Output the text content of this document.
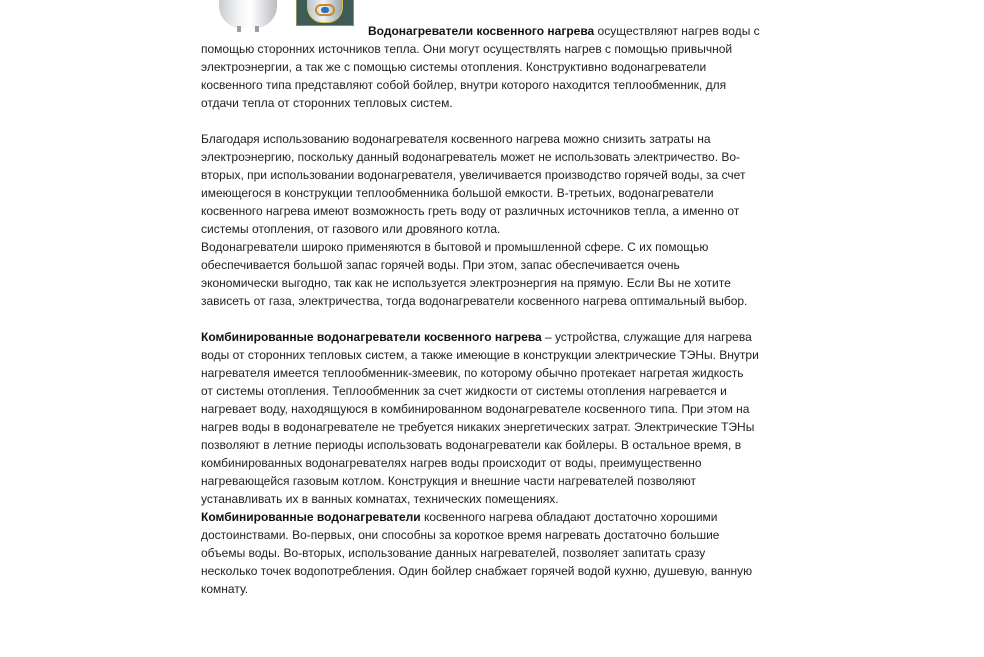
Водонагреватели косвенного нагрева осуществляют нагрев воды с

помощью сторонних источников тепла. Они могут осуществлять нагрев с помощью привычной
электроэнергии, а так же с помощью системы отопления. Конструктивно водонагреватели
косвенного типа представляют собой бойлер, внутри которого находится теплообменник, для
отдачи тепла от сторонних тепловых систем.

Благодаря использованию водонагревателя косвенного нагрева можно снизить затраты на
электроэнергию, поскольку данный водонагреватель может не использовать электричество. Во-
вторых, при использовании водонагревателя, увеличивается производство горячей воды, за счет
имеющегося в конструкции теплообменника большой емкости. В-третьих, водонагреватели
косвенного нагрева имеют возможность греть воду от различных источников тепла, а именно от
системы отопления, от газового или дровяного котла.

Водонагреватели широко применяются в бытовой и промышленной сфере. С их помощью
обеспечивается большой запас горячей воды. При этом, запас обеспечивается очень
экономически выгодно, так как не используется электроэнергия на прямую. Если Вы не хотите
зависеть от газа, электричества, тогда водонагреватели косвенного нагрева оптимальный выбор.

Комбинированные водонагреватели косвенного нагрева – устройства, служащие для нагрева
воды от сторонних тепловых систем, а также имеющие в конструкции электрические ТЭНы. Внутри
нагревателя имеется теплообменник-змеевик, по которому обычно протекает нагретая жидкость
от системы отопления. Теплообменник за счет жидкости от системы отопления нагревается и
нагревает воду, находящуюся в комбинированном водонагревателе косвенного типа. При этом на
нагрев воды в водонагревателе не требуется никаких энергетических затрат. Электрические ТЭНы
позволяют в летние периоды использовать водонагреватели как бойлеры. В остальное время, в
комбинированных водонагревателях нагрев воды происходит от воды, преимущественно
нагревающейся газовым котлом. Конструкция и внешние части нагревателей позволяют
устанавливать их в ванных комнатах, технических помещениях.

Комбинированные водонагреватели косвенного нагрева обладают достаточно хорошими
достоинствами. Во-первых, они способны за короткое время нагревать достаточно большие
объемы воды. Во-вторых, использование данных нагревателей, позволяет запитать сразу
несколько точек водопотребления. Один бойлер снабжает горячей водой кухню, душевую, ванную
комнату.
